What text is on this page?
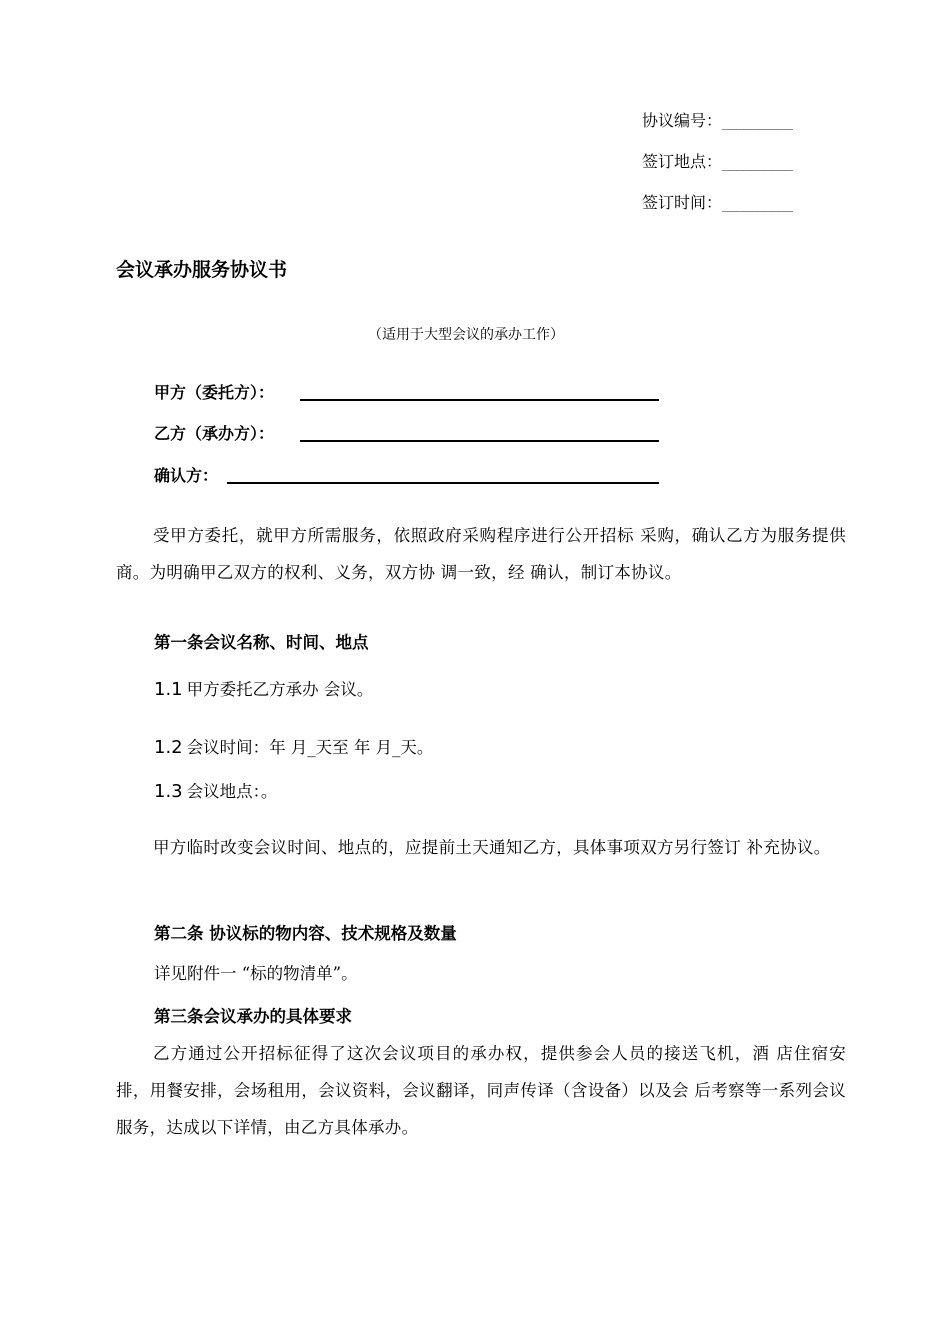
协议编号：__________
签订地点：__________
签订时间：__________
会议承办服务协议书
（适用于大型会议的承办工作）
甲方（委托方）：
乙方（承办方）：
确认方：
受甲方委托，就甲方所需服务，依照政府采购程序进行公开招标 采购，确认乙方为服务提供商。为明确甲乙双方的权利、义务，双方协 调一致，经 确认，制订本协议。
第一条会议名称、时间、地点
1.1 甲方委托乙方承办 会议。
1.2 会议时间：年 月_天至 年 月_天。
1.3 会议地点：。
甲方临时改变会议时间、地点的，应提前土天通知乙方，具体事项双方另行签订 补充协议。
第二条 协议标的物内容、技术规格及数量
详见附件一 “标的物清单”。
第三条会议承办的具体要求
乙方通过公开招标征得了这次会议项目的承办权，提供参会人员的接送飞机，酒 店住宿安排，用餐安排，会场租用，会议资料，会议翻译，同声传译（含设备）以及会 后考察等一系列会议服务，达成以下详情，由乙方具体承办。
